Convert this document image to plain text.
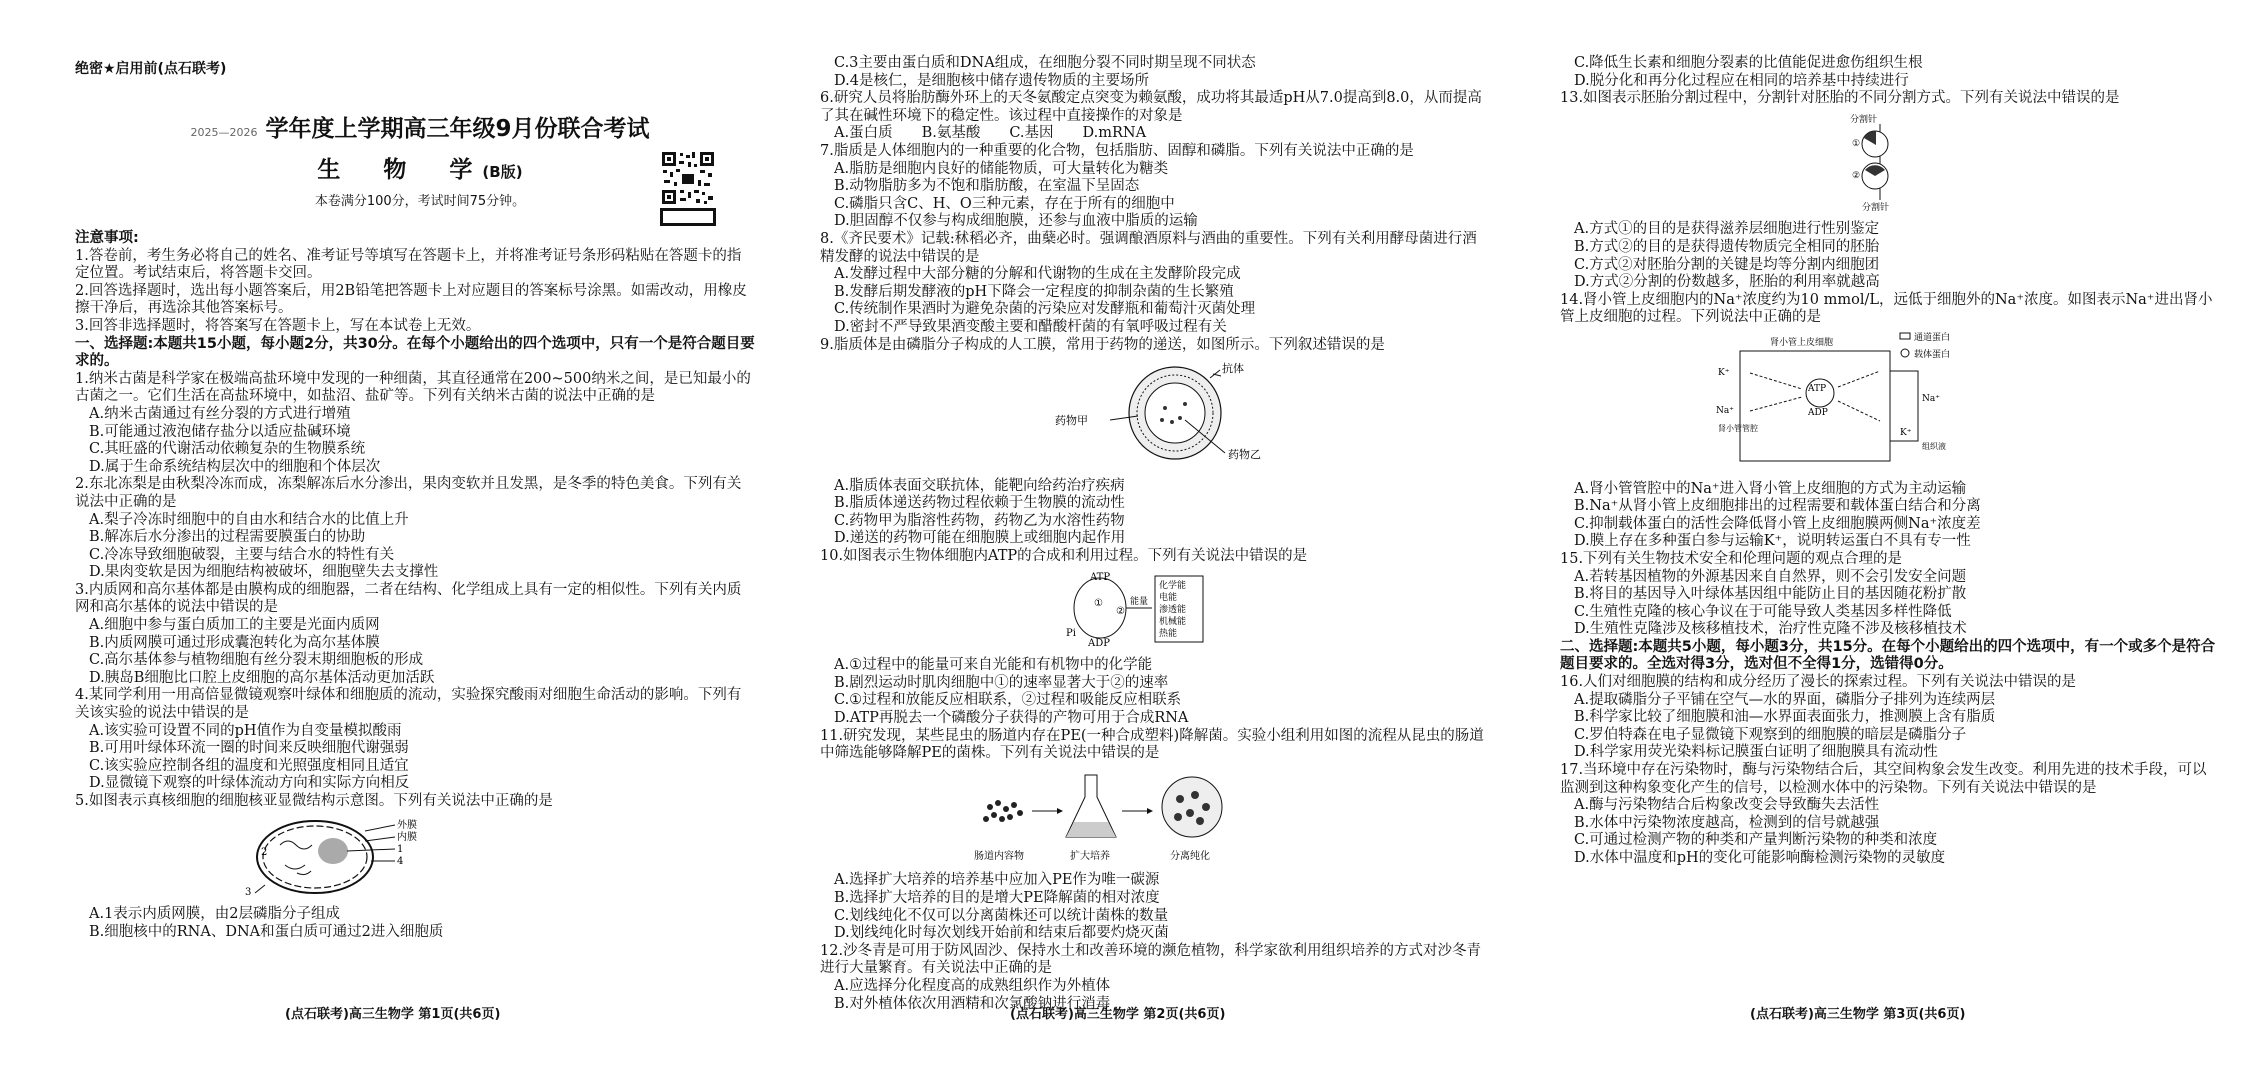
绝密★启用前(点石联考)
2025—2026 学年度上学期高三年级9月份联合考试
生　物　学(B版)
本卷满分100分，考试时间75分钟。

注意事项:

1.答卷前，考生务必将自己的姓名、准考证号等填写在答题卡上，并将准考证号条形码粘贴在答题卡的指定位置。考试结束后，将答题卡交回。

2.回答选择题时，选出每小题答案后，用2B铅笔把答题卡上对应题目的答案标号涂黑。如需改动，用橡皮擦干净后，再选涂其他答案标号。

3.回答非选择题时，将答案写在答题卡上，写在本试卷上无效。

一、选择题:本题共15小题，每小题2分，共30分。在每个小题给出的四个选项中，只有一个是符合题目要求的。

1.纳米古菌是科学家在极端高盐环境中发现的一种细菌，其直径通常在200~500纳米之间，是已知最小的古菌之一。它们生活在高盐环境中，如盐沼、盐矿等。下列有关纳米古菌的说法中正确的是

A.纳米古菌通过有丝分裂的方式进行增殖

B.可能通过液泡储存盐分以适应盐碱环境

C.其旺盛的代谢活动依赖复杂的生物膜系统

D.属于生命系统结构层次中的细胞和个体层次

2.东北冻梨是由秋梨冷冻而成，冻梨解冻后水分渗出，果肉变软并且发黑，是冬季的特色美食。下列有关说法中正确的是

A.梨子冷冻时细胞中的自由水和结合水的比值上升

B.解冻后水分渗出的过程需要膜蛋白的协助

C.冷冻导致细胞破裂，主要与结合水的特性有关

D.果肉变软是因为细胞结构被破坏，细胞壁失去支撑性

3.内质网和高尔基体都是由膜构成的细胞器，二者在结构、化学组成上具有一定的相似性。下列有关内质网和高尔基体的说法中错误的是

A.细胞中参与蛋白质加工的主要是光面内质网

B.内质网膜可通过形成囊泡转化为高尔基体膜

C.高尔基体参与植物细胞有丝分裂末期细胞板的形成

D.胰岛B细胞比口腔上皮细胞的高尔基体活动更加活跃

4.某同学利用一用高倍显微镜观察叶绿体和细胞质的流动，实验探究酸雨对细胞生命活动的影响。下列有关该实验的说法中错误的是

A.该实验可设置不同的pH值作为自变量模拟酸雨

B.可用叶绿体环流一圈的时间来反映细胞代谢强弱

C.该实验应控制各组的温度和光照强度相同且适宜

D.显微镜下观察的叶绿体流动方向和实际方向相反

5.如图表示真核细胞的细胞核亚显微结构示意图。下列有关说法中正确的是

外膜
内膜
1
4
3
2

A.1表示内质网膜，由2层磷脂分子组成

B.细胞核中的RNA、DNA和蛋白质可通过2进入细胞质

C.3主要由蛋白质和DNA组成，在细胞分裂不同时期呈现不同状态

D.4是核仁，是细胞核中储存遗传物质的主要场所

6.研究人员将胎肪酶外环上的天冬氨酸定点突变为赖氨酸，成功将其最适pH从7.0提高到8.0，从而提高了其在碱性环境下的稳定性。该过程中直接操作的对象是

A.蛋白质　　B.氨基酸　　C.基因　　D.mRNA

7.脂质是人体细胞内的一种重要的化合物，包括脂肪、固醇和磷脂。下列有关说法中正确的是

A.脂肪是细胞内良好的储能物质，可大量转化为糖类

B.动物脂肪多为不饱和脂肪酸，在室温下呈固态

C.磷脂只含C、H、O三种元素，存在于所有的细胞中

D.胆固醇不仅参与构成细胞膜，还参与血液中脂质的运输

8.《齐民要术》记载:秫稻必齐，曲蘖必时。强调酿酒原料与酒曲的重要性。下列有关利用酵母菌进行酒精发酵的说法中错误的是

A.发酵过程中大部分糖的分解和代谢物的生成在主发酵阶段完成

B.发酵后期发酵液的pH下降会一定程度的抑制杂菌的生长繁殖

C.传统制作果酒时为避免杂菌的污染应对发酵瓶和葡萄汁灭菌处理

D.密封不严导致果酒变酸主要和醋酸杆菌的有氧呼吸过程有关

9.脂质体是由磷脂分子构成的人工膜，常用于药物的递送，如图所示。下列叙述错误的是

抗体
药物甲
药物乙

A.脂质体表面交联抗体，能靶向给药治疗疾病

B.脂质体递送药物过程依赖于生物膜的流动性

C.药物甲为脂溶性药物，药物乙为水溶性药物

D.递送的药物可能在细胞膜上或细胞内起作用

10.如图表示生物体细胞内ATP的合成和利用过程。下列有关说法中错误的是

ATP
ADP
Pi
①
②
能量
化学能
电能
渗透能
机械能
热能

A.①过程中的能量可来自光能和有机物中的化学能

B.剧烈运动时肌肉细胞中①的速率显著大于②的速率

C.①过程和放能反应相联系，②过程和吸能反应相联系

D.ATP再脱去一个磷酸分子获得的产物可用于合成RNA

11.研究发现，某些昆虫的肠道内存在PE(一种合成塑料)降解菌。实验小组利用如图的流程从昆虫的肠道中筛选能够降解PE的菌株。下列有关说法中错误的是

肠道内容物	扩大培养	分离纯化

A.选择扩大培养的培养基中应加入PE作为唯一碳源

B.选择扩大培养的目的是增大PE降解菌的相对浓度

C.划线纯化不仅可以分离菌株还可以统计菌株的数量

D.划线纯化时每次划线开始前和结束后都要灼烧灭菌

12.沙冬青是可用于防风固沙、保持水土和改善环境的濒危植物，科学家欲利用组织培养的方式对沙冬青进行大量繁育。有关说法中正确的是

A.应选择分化程度高的成熟组织作为外植体

B.对外植体依次用酒精和次氯酸钠进行消毒

C.降低生长素和细胞分裂素的比值能促进愈伤组织生根

D.脱分化和再分化过程应在相同的培养基中持续进行

13.如图表示胚胎分割过程中，分割针对胚胎的不同分割方式。下列有关说法中错误的是

分割针
①
②
分割针

A.方式①的目的是获得滋养层细胞进行性别鉴定

B.方式②的目的是获得遗传物质完全相同的胚胎

C.方式②对胚胎分割的关键是均等分割内细胞团

D.方式②分割的份数越多，胚胎的利用率就越高

14.肾小管上皮细胞内的Na⁺浓度约为10 mmol/L，远低于细胞外的Na⁺浓度。如图表示Na⁺进出肾小管上皮细胞的过程。下列说法中正确的是

肾小管上皮细胞	通道蛋白
载体蛋白
K⁺
Na⁺
ATP
ADP
Na⁺
K⁺
肾小管管腔
组织液

A.肾小管管腔中的Na⁺进入肾小管上皮细胞的方式为主动运输

B.Na⁺从肾小管上皮细胞排出的过程需要和载体蛋白结合和分离

C.抑制载体蛋白的活性会降低肾小管上皮细胞膜两侧Na⁺浓度差

D.膜上存在多种蛋白参与运输K⁺，说明转运蛋白不具有专一性

15.下列有关生物技术安全和伦理问题的观点合理的是

A.若转基因植物的外源基因来自自然界，则不会引发安全问题

B.将目的基因导入叶绿体基因组中能防止目的基因随花粉扩散

C.生殖性克隆的核心争议在于可能导致人类基因多样性降低

D.生殖性克隆涉及核移植技术，治疗性克隆不涉及核移植技术

二、选择题:本题共5小题，每小题3分，共15分。在每个小题给出的四个选项中，有一个或多个是符合题目要求的。全选对得3分，选对但不全得1分，选错得0分。

16.人们对细胞膜的结构和成分经历了漫长的探索过程。下列有关说法中错误的是

A.提取磷脂分子平铺在空气—水的界面，磷脂分子排列为连续两层

B.科学家比较了细胞膜和油—水界面表面张力，推测膜上含有脂质

C.罗伯特森在电子显微镜下观察到的细胞膜的暗层是磷脂分子

D.科学家用荧光染料标记膜蛋白证明了细胞膜具有流动性

17.当环境中存在污染物时，酶与污染物结合后，其空间构象会发生改变。利用先进的技术手段，可以监测到这种构象变化产生的信号，以检测水体中的污染物。下列有关说法中错误的是

A.酶与污染物结合后构象改变会导致酶失去活性

B.水体中污染物浓度越高，检测到的信号就越强

C.可通过检测产物的种类和产量判断污染物的种类和浓度

D.水体中温度和pH的变化可能影响酶检测污染物的灵敏度

(点石联考)高三生物学 第1页(共6页)	(点石联考)高三生物学 第2页(共6页)	(点石联考)高三生物学 第3页(共6页)
